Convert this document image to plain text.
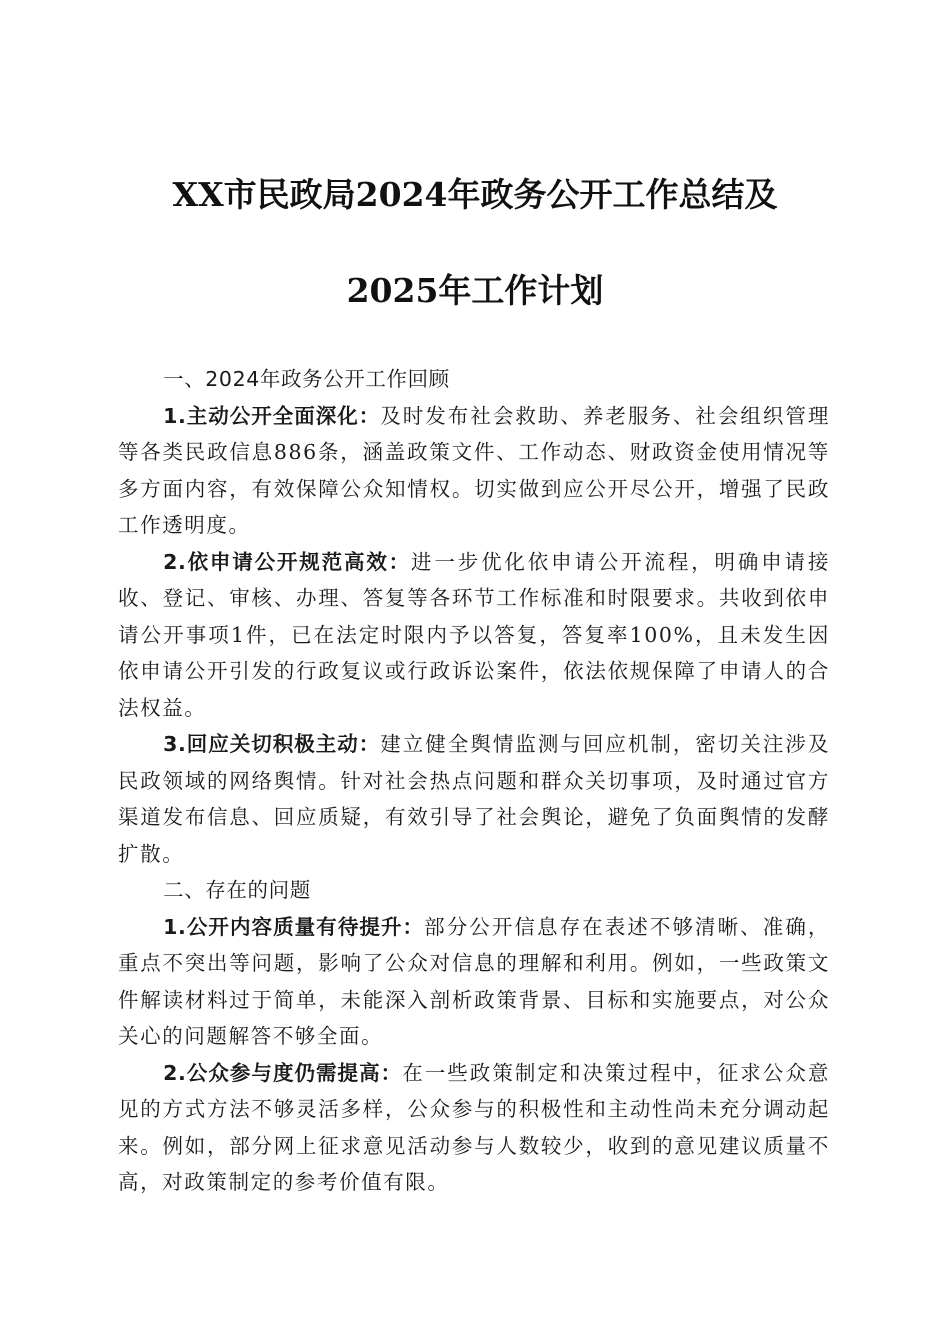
XX市民政局2024年政务公开工作总结及
2025年工作计划

一、2024年政务公开工作回顾

1.主动公开全面深化：及时发布社会救助、养老服务、社会组织管理等各类民政信息886条，涵盖政策文件、工作动态、财政资金使用情况等多方面内容，有效保障公众知情权。切实做到应公开尽公开，增强了民政工作透明度。

2.依申请公开规范高效：进一步优化依申请公开流程，明确申请接收、登记、审核、办理、答复等各环节工作标准和时限要求。共收到依申请公开事项1件，已在法定时限内予以答复，答复率100%，且未发生因依申请公开引发的行政复议或行政诉讼案件，依法依规保障了申请人的合法权益。

3.回应关切积极主动：建立健全舆情监测与回应机制，密切关注涉及民政领域的网络舆情。针对社会热点问题和群众关切事项，及时通过官方渠道发布信息、回应质疑，有效引导了社会舆论，避免了负面舆情的发酵扩散。

二、存在的问题

1.公开内容质量有待提升：部分公开信息存在表述不够清晰、准确，重点不突出等问题，影响了公众对信息的理解和利用。例如，一些政策文件解读材料过于简单，未能深入剖析政策背景、目标和实施要点，对公众关心的问题解答不够全面。

2.公众参与度仍需提高：在一些政策制定和决策过程中，征求公众意见的方式方法不够灵活多样，公众参与的积极性和主动性尚未充分调动起来。例如，部分网上征求意见活动参与人数较少，收到的意见建议质量不高，对政策制定的参考价值有限。
